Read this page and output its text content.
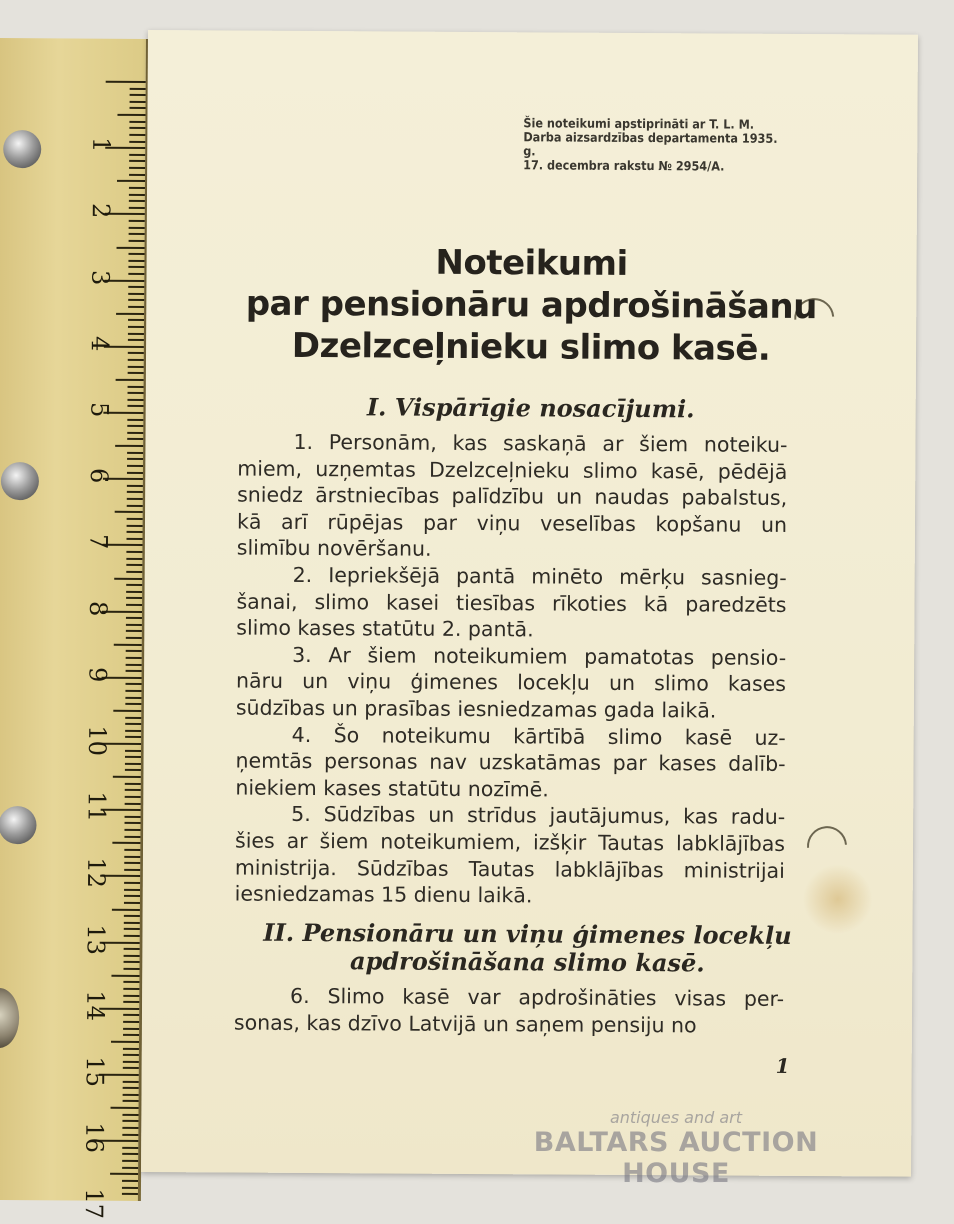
1
2
3
4
5
6
7
8
9
10
11
12
13
14
15
16
17
Šie noteikumi apstiprināti ar T. L. M.
Darba aizsardzības departamenta 1935. g.
17. decembra rakstu № 2954/A.
Noteikumi
par pensionāru apdrošināšanu
Dzelzceļnieku slimo kasē.
I. Vispārīgie nosacījumi.
1. Personām, kas saskaņā ar šiem noteiku-
miem, uzņemtas Dzelzceļnieku slimo kasē, pēdējā
sniedz ārstniecības palīdzību un naudas pabalstus,
kā arī rūpējas par viņu veselības kopšanu un
slimību novēršanu.
2. Iepriekšējā pantā minēto mērķu sasnieg-
šanai, slimo kasei tiesības rīkoties kā paredzēts
slimo kases statūtu 2. pantā.
3. Ar šiem noteikumiem pamatotas pensio-
nāru un viņu ģimenes locekļu un slimo kases
sūdzības un prasības iesniedzamas gada laikā.
4. Šo noteikumu kārtībā slimo kasē uz-
ņemtās personas nav uzskatāmas par kases dalīb-
niekiem kases statūtu nozīmē.
5. Sūdzības un strīdus jautājumus, kas radu-
šies ar šiem noteikumiem, izšķir Tautas labklājības
ministrija. Sūdzības Tautas labklājības ministrijai
iesniedzamas 15 dienu laikā.
II. Pensionāru un viņu ģimenes locekļu
apdrošināšana slimo kasē.
6. Slimo kasē var apdrošināties visas per-
sonas, kas dzīvo Latvijā un saņem pensiju no
1
antiques and art
BALTARS AUCTION HOUSE
